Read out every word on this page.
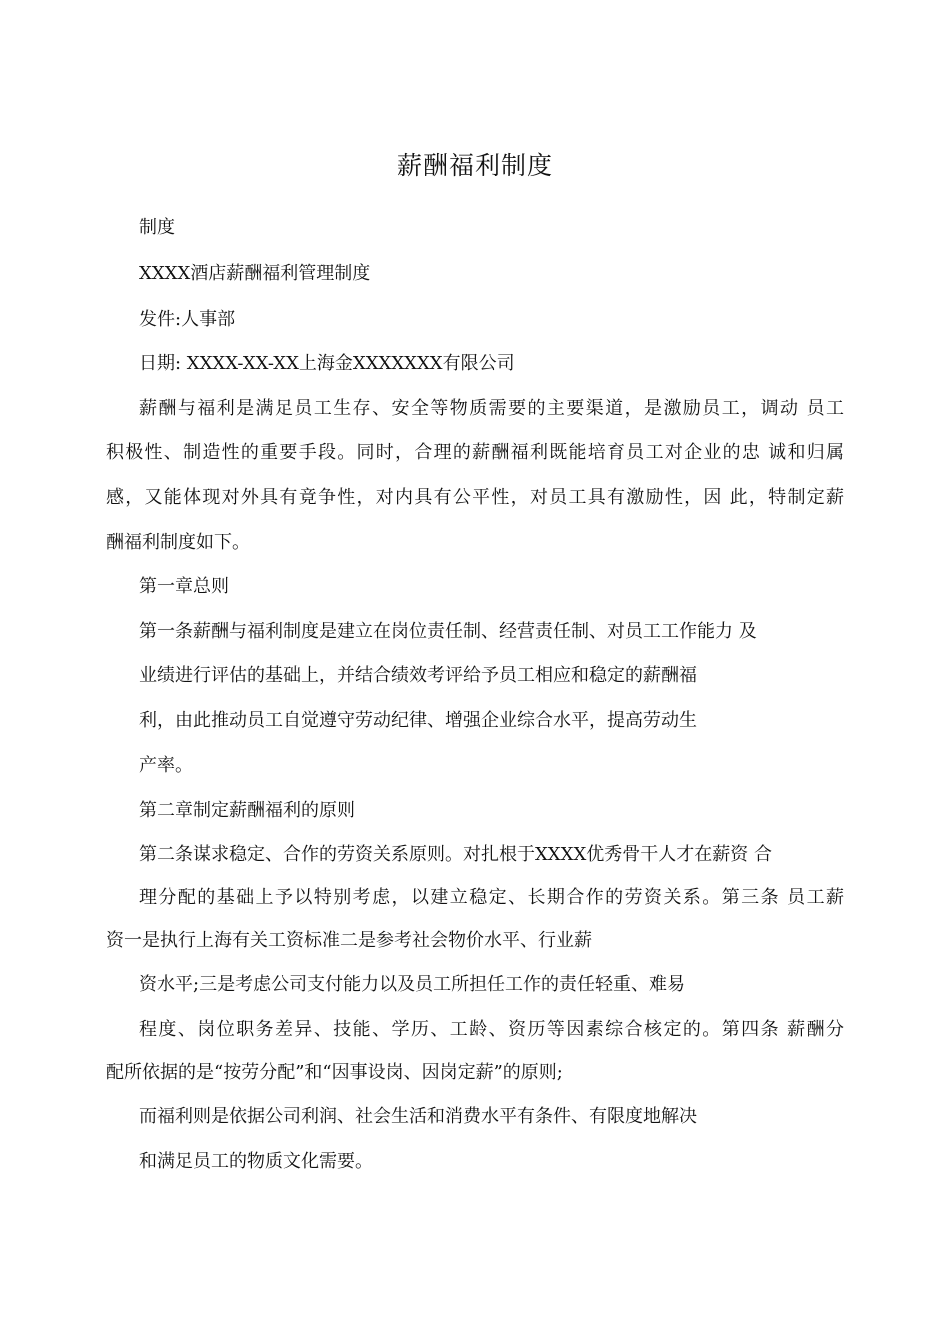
薪酬福利制度
制度
XXXX酒店薪酬福利管理制度
发件:人事部
日期: XXXX-XX-XX上海金XXXXXXX有限公司
薪酬与福利是满足员工生存、安全等物质需要的主要渠道，是激励员工，调动 员工
积极性、制造性的重要手段。同时，合理的薪酬福利既能培育员工对企业的忠 诚和归属
感，又能体现对外具有竟争性，对内具有公平性，对员工具有激励性，因 此，特制定薪
酬福利制度如下。
第一章总则
第一条薪酬与福利制度是建立在岗位责任制、经营责任制、对员工工作能力 及
业绩进行评估的基础上，并结合绩效考评给予员工相应和稳定的薪酬福
利，由此推动员工自觉遵守劳动纪律、增强企业综合水平，提高劳动生
产率。
第二章制定薪酬福利的原则
第二条谋求稳定、合作的劳资关系原则。对扎根于XXXX优秀骨干人才在薪资 合
理分配的基础上予以特别考虑，以建立稳定、长期合作的劳资关系。第三条 员工薪
资一是执行上海有关工资标准二是参考社会物价水平、行业薪
资水平;三是考虑公司支付能力以及员工所担任工作的责任轻重、难易
程度、岗位职务差异、技能、学历、工龄、资历等因素综合核定的。第四条 薪酬分
配所依据的是“按劳分配”和“因事设岗、因岗定薪”的原则;
而福利则是依据公司利润、社会生活和消费水平有条件、有限度地解决
和满足员工的物质文化需要。
